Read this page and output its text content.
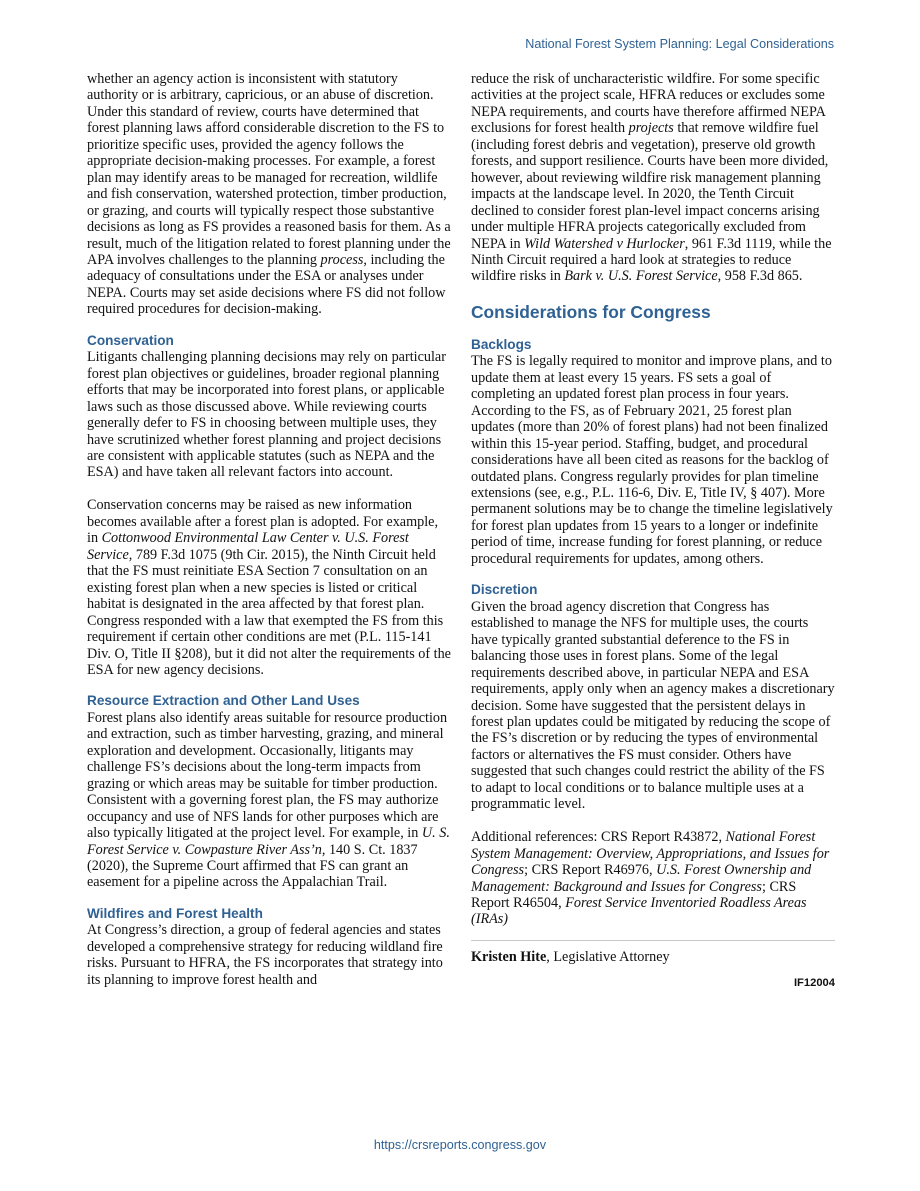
National Forest System Planning: Legal Considerations

whether an agency action is inconsistent with statutory authority or is arbitrary, capricious, or an abuse of discretion. Under this standard of review, courts have determined that forest planning laws afford considerable discretion to the FS to prioritize specific uses, provided the agency follows the appropriate decision-making processes. For example, a forest plan may identify areas to be managed for recreation, wildlife and fish conservation, watershed protection, timber production, or grazing, and courts will typically respect those substantive decisions as long as FS provides a reasoned basis for them. As a result, much of the litigation related to forest planning under the APA involves challenges to the planning process, including the adequacy of consultations under the ESA or analyses under NEPA. Courts may set aside decisions where FS did not follow required procedures for decision-making.

Conservation

Litigants challenging planning decisions may rely on particular forest plan objectives or guidelines, broader regional planning efforts that may be incorporated into forest plans, or applicable laws such as those discussed above. While reviewing courts generally defer to FS in choosing between multiple uses, they have scrutinized whether forest planning and project decisions are consistent with applicable statutes (such as NEPA and the ESA) and have taken all relevant factors into account.

Conservation concerns may be raised as new information becomes available after a forest plan is adopted. For example, in Cottonwood Environmental Law Center v. U.S. Forest Service, 789 F.3d 1075 (9th Cir. 2015), the Ninth Circuit held that the FS must reinitiate ESA Section 7 consultation on an existing forest plan when a new species is listed or critical habitat is designated in the area affected by that forest plan. Congress responded with a law that exempted the FS from this requirement if certain other conditions are met (P.L. 115-141 Div. O, Title II §208), but it did not alter the requirements of the ESA for new agency decisions.

Resource Extraction and Other Land Uses

Forest plans also identify areas suitable for resource production and extraction, such as timber harvesting, grazing, and mineral exploration and development. Occasionally, litigants may challenge FS’s decisions about the long-term impacts from grazing or which areas may be suitable for timber production. Consistent with a governing forest plan, the FS may authorize occupancy and use of NFS lands for other purposes which are also typically litigated at the project level. For example, in U. S. Forest Service v. Cowpasture River Ass’n, 140 S. Ct. 1837 (2020), the Supreme Court affirmed that FS can grant an easement for a pipeline across the Appalachian Trail.

Wildfires and Forest Health

At Congress’s direction, a group of federal agencies and states developed a comprehensive strategy for reducing wildland fire risks. Pursuant to HFRA, the FS incorporates that strategy into its planning to improve forest health and

reduce the risk of uncharacteristic wildfire. For some specific activities at the project scale, HFRA reduces or excludes some NEPA requirements, and courts have therefore affirmed NEPA exclusions for forest health projects that remove wildfire fuel (including forest debris and vegetation), preserve old growth forests, and support resilience. Courts have been more divided, however, about reviewing wildfire risk management planning impacts at the landscape level. In 2020, the Tenth Circuit declined to consider forest plan-level impact concerns arising under multiple HFRA projects categorically excluded from NEPA in Wild Watershed v Hurlocker, 961 F.3d 1119, while the Ninth Circuit required a hard look at strategies to reduce wildfire risks in Bark v. U.S. Forest Service, 958 F.3d 865.

Considerations for Congress
Backlogs

The FS is legally required to monitor and improve plans, and to update them at least every 15 years. FS sets a goal of completing an updated forest plan process in four years. According to the FS, as of February 2021, 25 forest plan updates (more than 20% of forest plans) had not been finalized within this 15-year period. Staffing, budget, and procedural considerations have all been cited as reasons for the backlog of outdated plans. Congress regularly provides for plan timeline extensions (see, e.g., P.L. 116-6, Div. E, Title IV, § 407). More permanent solutions may be to change the timeline legislatively for forest plan updates from 15 years to a longer or indefinite period of time, increase funding for forest planning, or reduce procedural requirements for updates, among others.

Discretion

Given the broad agency discretion that Congress has established to manage the NFS for multiple uses, the courts have typically granted substantial deference to the FS in balancing those uses in forest plans. Some of the legal requirements described above, in particular NEPA and ESA requirements, apply only when an agency makes a discretionary decision. Some have suggested that the persistent delays in forest plan updates could be mitigated by reducing the scope of the FS’s discretion or by reducing the types of environmental factors or alternatives the FS must consider. Others have suggested that such changes could restrict the ability of the FS to adapt to local conditions or to balance multiple uses at a programmatic level.

Additional references: CRS Report R43872, National Forest System Management: Overview, Appropriations, and Issues for Congress; CRS Report R46976, U.S. Forest Ownership and Management: Background and Issues for Congress; CRS Report R46504, Forest Service Inventoried Roadless Areas (IRAs)

Kristen Hite, Legislative Attorney

IF12004
https://crsreports.congress.gov
